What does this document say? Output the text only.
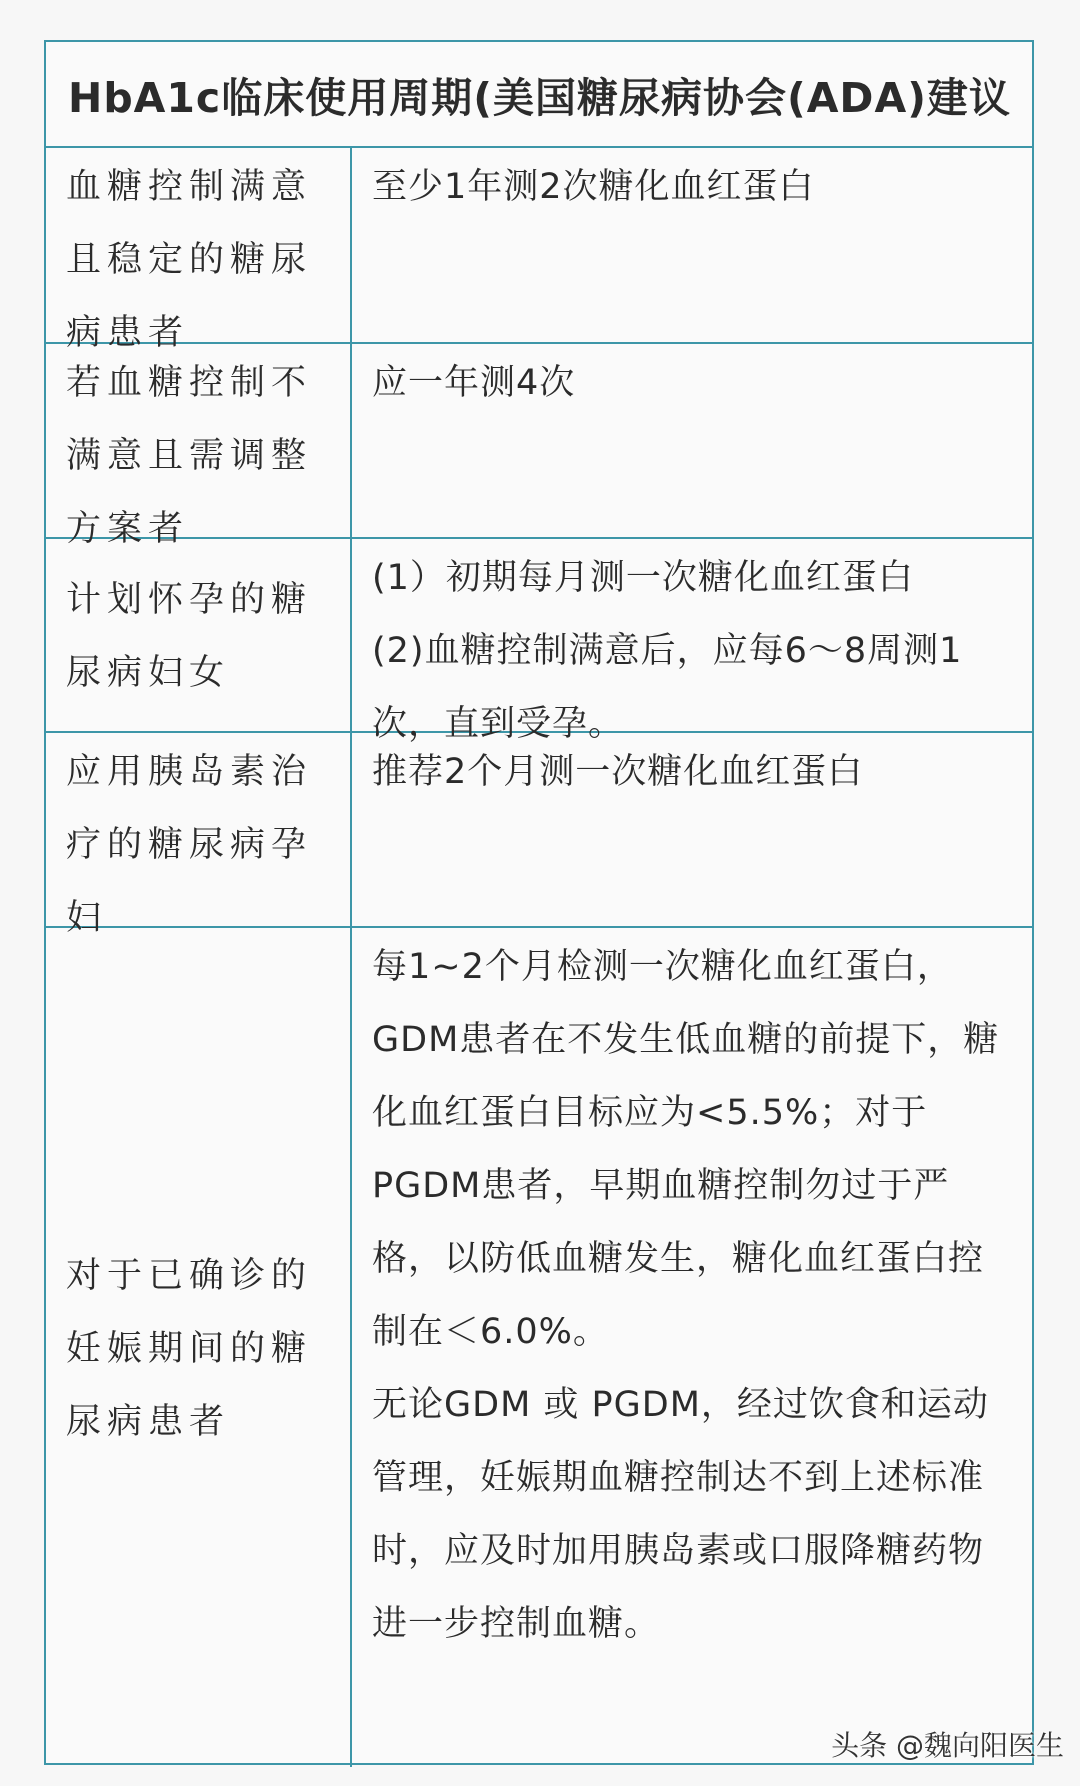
HbA1c临床使用周期(美国糖尿病协会(ADA)建议
血糖控制满意且稳定的糖尿病患者
至少1年测2次糖化血红蛋白
若血糖控制不满意且需调整方案者
应一年测4次
计划怀孕的糖尿病妇女
(1）初期每月测一次糖化血红蛋白
(2)血糖控制满意后，应每6～8周测1次，直到受孕。
应用胰岛素治疗的糖尿病孕妇
推荐2个月测一次糖化血红蛋白
对于已确诊的妊娠期间的糖尿病患者
每1~2个月检测一次糖化血红蛋白，GDM患者在不发生低血糖的前提下，糖化血红蛋白目标应为<5.5%；对于PGDM患者，早期血糖控制勿过于严格，以防低血糖发生，糖化血红蛋白控制在＜6.0%。
无论GDM 或 PGDM，经过饮食和运动管理，妊娠期血糖控制达不到上述标准时，应及时加用胰岛素或口服降糖药物进一步控制血糖。
头条 @魏向阳医生
